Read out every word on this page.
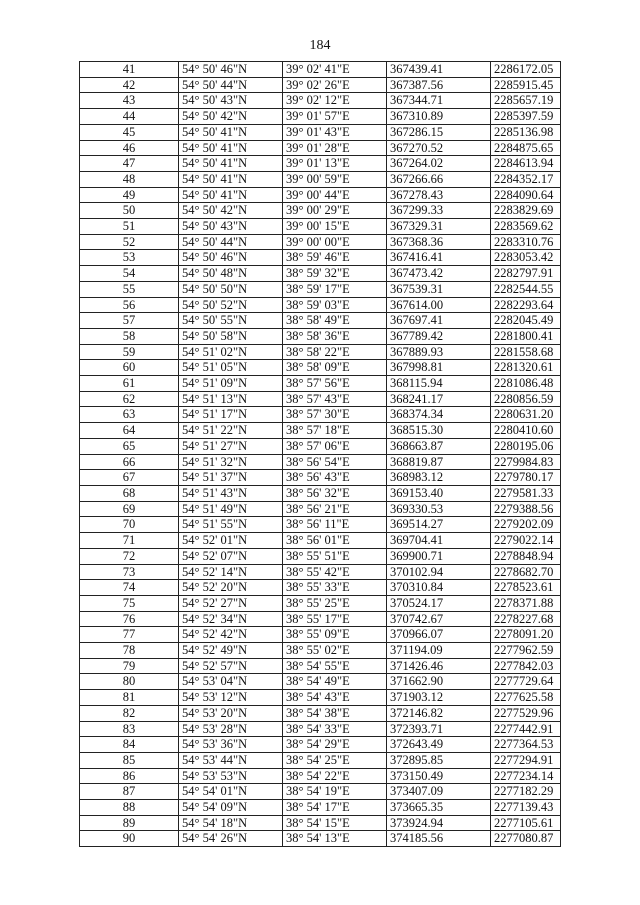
184
41	54° 50' 46"N	39° 02' 41"E	367439.41	2286172.05
42	54° 50' 44"N	39° 02' 26"E	367387.56	2285915.45
43	54° 50' 43"N	39° 02' 12"E	367344.71	2285657.19
44	54° 50' 42"N	39° 01' 57"E	367310.89	2285397.59
45	54° 50' 41"N	39° 01' 43"E	367286.15	2285136.98
46	54° 50' 41"N	39° 01' 28"E	367270.52	2284875.65
47	54° 50' 41"N	39° 01' 13"E	367264.02	2284613.94
48	54° 50' 41"N	39° 00' 59"E	367266.66	2284352.17
49	54° 50' 41"N	39° 00' 44"E	367278.43	2284090.64
50	54° 50' 42"N	39° 00' 29"E	367299.33	2283829.69
51	54° 50' 43"N	39° 00' 15"E	367329.31	2283569.62
52	54° 50' 44"N	39° 00' 00"E	367368.36	2283310.76
53	54° 50' 46"N	38° 59' 46"E	367416.41	2283053.42
54	54° 50' 48"N	38° 59' 32"E	367473.42	2282797.91
55	54° 50' 50"N	38° 59' 17"E	367539.31	2282544.55
56	54° 50' 52"N	38° 59' 03"E	367614.00	2282293.64
57	54° 50' 55"N	38° 58' 49"E	367697.41	2282045.49
58	54° 50' 58"N	38° 58' 36"E	367789.42	2281800.41
59	54° 51' 02"N	38° 58' 22"E	367889.93	2281558.68
60	54° 51' 05"N	38° 58' 09"E	367998.81	2281320.61
61	54° 51' 09"N	38° 57' 56"E	368115.94	2281086.48
62	54° 51' 13"N	38° 57' 43"E	368241.17	2280856.59
63	54° 51' 17"N	38° 57' 30"E	368374.34	2280631.20
64	54° 51' 22"N	38° 57' 18"E	368515.30	2280410.60
65	54° 51' 27"N	38° 57' 06"E	368663.87	2280195.06
66	54° 51' 32"N	38° 56' 54"E	368819.87	2279984.83
67	54° 51' 37"N	38° 56' 43"E	368983.12	2279780.17
68	54° 51' 43"N	38° 56' 32"E	369153.40	2279581.33
69	54° 51' 49"N	38° 56' 21"E	369330.53	2279388.56
70	54° 51' 55"N	38° 56' 11"E	369514.27	2279202.09
71	54° 52' 01"N	38° 56' 01"E	369704.41	2279022.14
72	54° 52' 07"N	38° 55' 51"E	369900.71	2278848.94
73	54° 52' 14"N	38° 55' 42"E	370102.94	2278682.70
74	54° 52' 20"N	38° 55' 33"E	370310.84	2278523.61
75	54° 52' 27"N	38° 55' 25"E	370524.17	2278371.88
76	54° 52' 34"N	38° 55' 17"E	370742.67	2278227.68
77	54° 52' 42"N	38° 55' 09"E	370966.07	2278091.20
78	54° 52' 49"N	38° 55' 02"E	371194.09	2277962.59
79	54° 52' 57"N	38° 54' 55"E	371426.46	2277842.03
80	54° 53' 04"N	38° 54' 49"E	371662.90	2277729.64
81	54° 53' 12"N	38° 54' 43"E	371903.12	2277625.58
82	54° 53' 20"N	38° 54' 38"E	372146.82	2277529.96
83	54° 53' 28"N	38° 54' 33"E	372393.71	2277442.91
84	54° 53' 36"N	38° 54' 29"E	372643.49	2277364.53
85	54° 53' 44"N	38° 54' 25"E	372895.85	2277294.91
86	54° 53' 53"N	38° 54' 22"E	373150.49	2277234.14
87	54° 54' 01"N	38° 54' 19"E	373407.09	2277182.29
88	54° 54' 09"N	38° 54' 17"E	373665.35	2277139.43
89	54° 54' 18"N	38° 54' 15"E	373924.94	2277105.61
90	54° 54' 26"N	38° 54' 13"E	374185.56	2277080.87
